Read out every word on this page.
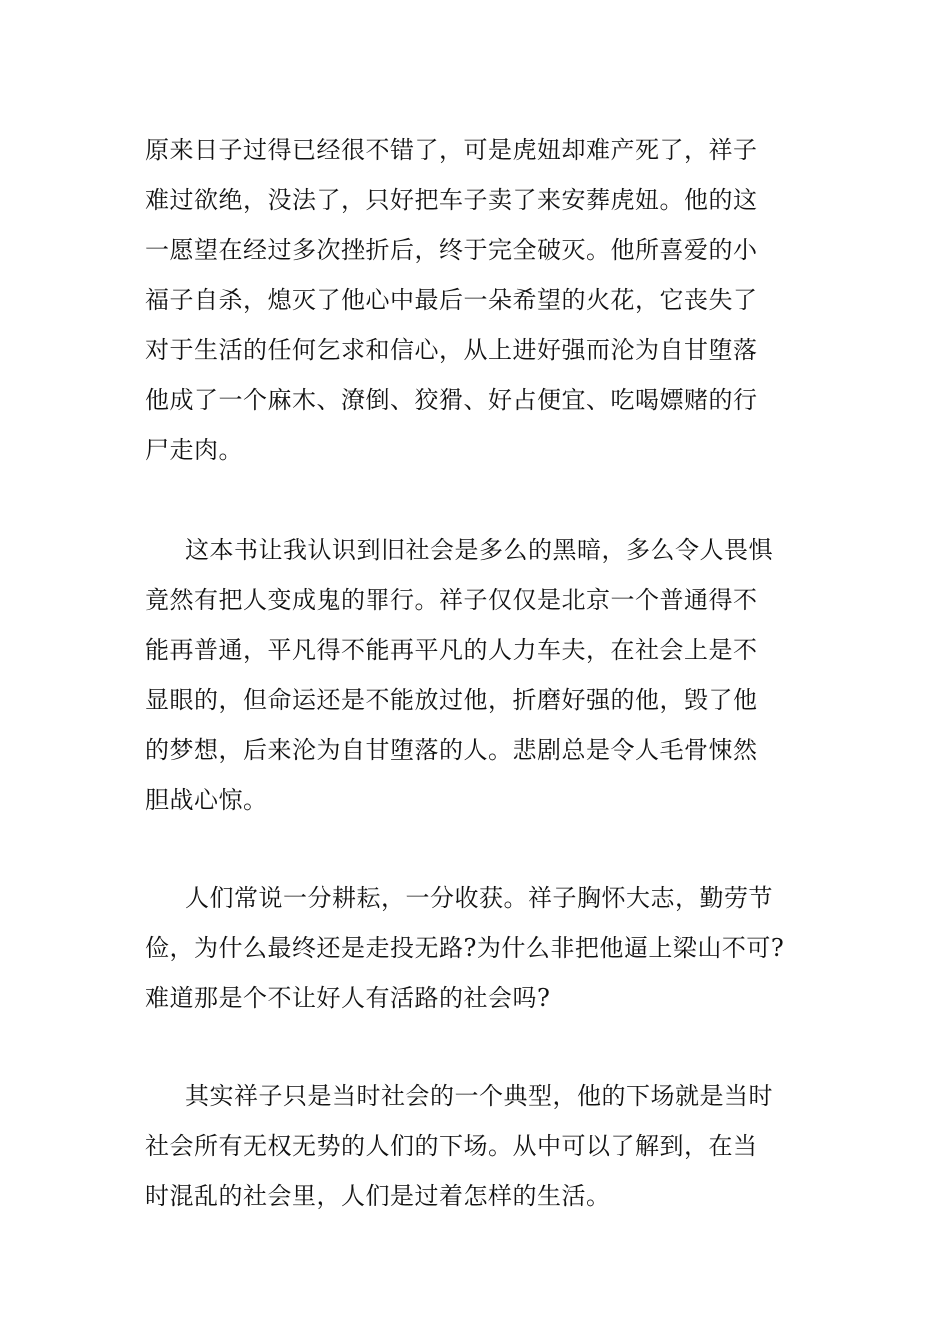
原来日子过得已经很不错了，可是虎妞却难产死了，祥子
难过欲绝，没法了，只好把车子卖了来安葬虎妞。他的这
一愿望在经过多次挫折后，终于完全破灭。他所喜爱的小
福子自杀，熄灭了他心中最后一朵希望的火花，它丧失了
对于生活的任何乞求和信心，从上进好强而沦为自甘堕落
他成了一个麻木、潦倒、狡猾、好占便宜、吃喝嫖赌的行
尸走肉。
这本书让我认识到旧社会是多么的黑暗，多么令人畏惧
竟然有把人变成鬼的罪行。祥子仅仅是北京一个普通得不
能再普通，平凡得不能再平凡的人力车夫，在社会上是不
显眼的，但命运还是不能放过他，折磨好强的他，毁了他
的梦想，后来沦为自甘堕落的人。悲剧总是令人毛骨悚然
胆战心惊。
人们常说一分耕耘，一分收获。祥子胸怀大志，勤劳节
俭，为什么最终还是走投无路?为什么非把他逼上梁山不可?
难道那是个不让好人有活路的社会吗?
其实祥子只是当时社会的一个典型，他的下场就是当时
社会所有无权无势的人们的下场。从中可以了解到，在当
时混乱的社会里，人们是过着怎样的生活。
